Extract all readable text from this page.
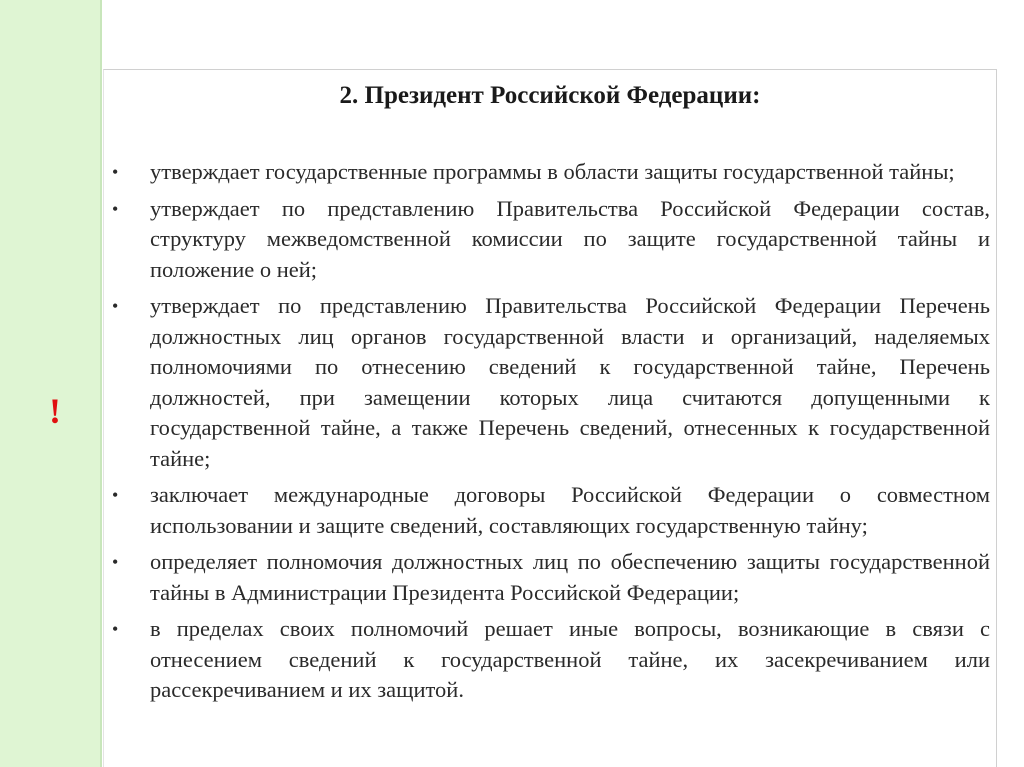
!
2. Президент Российской Федерации:
•	утверждает государственные программы в области защиты государственной тайны;
•	утверждает по представлению Правительства Российской Федерации состав, структуру межведомственной комиссии по защите государственной тайны и положение о ней;
•	утверждает по представлению Правительства Российской Федерации Перечень должностных лиц органов государственной власти и организаций, наделяемых полномочиями по отнесению сведений к государственной тайне, Перечень должностей, при замещении которых лица считаются допущенными к государственной тайне, а также Перечень сведений, отнесенных к государственной тайне;
•	заключает международные договоры Российской Федерации о совместном использовании и защите сведений, составляющих государственную тайну;
•	определяет полномочия должностных лиц по обеспечению защиты государственной тайны в Администрации Президента Российской Федерации;
•	в пределах своих полномочий решает иные вопросы, возникающие в связи с отнесением сведений к государственной тайне, их засекречиванием или рассекречиванием и их защитой.
